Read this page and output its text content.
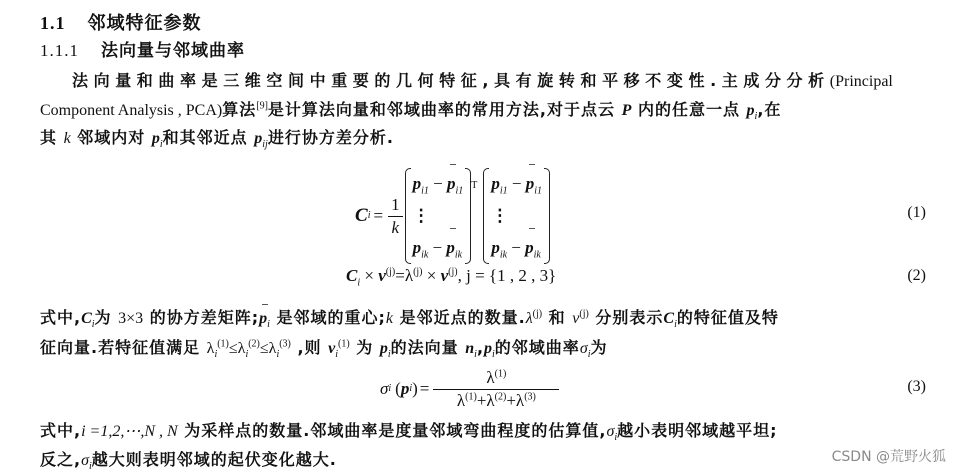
1.1 邻域特征参数
1.1.1 法向量与邻域曲率
法向量和曲率是三维空间中重要的几何特征,具有旋转和平移不变性.主成分分析(Principal
Component Analysis , PCA)算法[9]是计算法向量和邻域曲率的常用方法,对于点云 P 内的任意一点 $p_i$,在
其 k 邻域内对 $p_i$和其邻近点 $p_{ij}$进行协方差分析.
C $i = \frac{1}{k}$
$p_{i1} - p_{i1}$
⋮
$p_{ik} - p_{ik}$
$^T$ $p_{i1} - p_{i1}$
⋮
$p_{ik} - p_{ik}$
(1)
$C_i \times v^{(j)}=\lambda^{(j)} \times v^{(j)}$, j = {1 , 2 , 3}	(2)
式中$,C_i$为 3×3 的协方差矩阵$;p_i$ 是邻域的重心;k 是邻近点的数量$.\lambda^{(j)}$ 和 $v^{(j)}$ 分别表示$C_i$的特征值及特
征向量.若特征值满足 $\lambda_i^{(1)}\le\lambda_i^{(2)}\le\lambda_i^{(3)}$ ,则 $v_i^{(1)}$ 为 $p_i$的法向量 $n_i,p_i$的邻域曲率$\sigma_i$为
σ i ( p i ) = $\frac{\lambda^{(1)}}{\lambda^{(1)}+\lambda^{(2)}+\lambda^{(3)}}$	(3)
式中,i =1,2,⋯,N , N 为采样点的数量.邻域曲率是度量邻域弯曲程度的估算值$,\sigma_i$越小表明邻域越平坦;
反之$,\sigma_i$越大则表明邻域的起伏变化越大.	CSDN @荒野火狐
